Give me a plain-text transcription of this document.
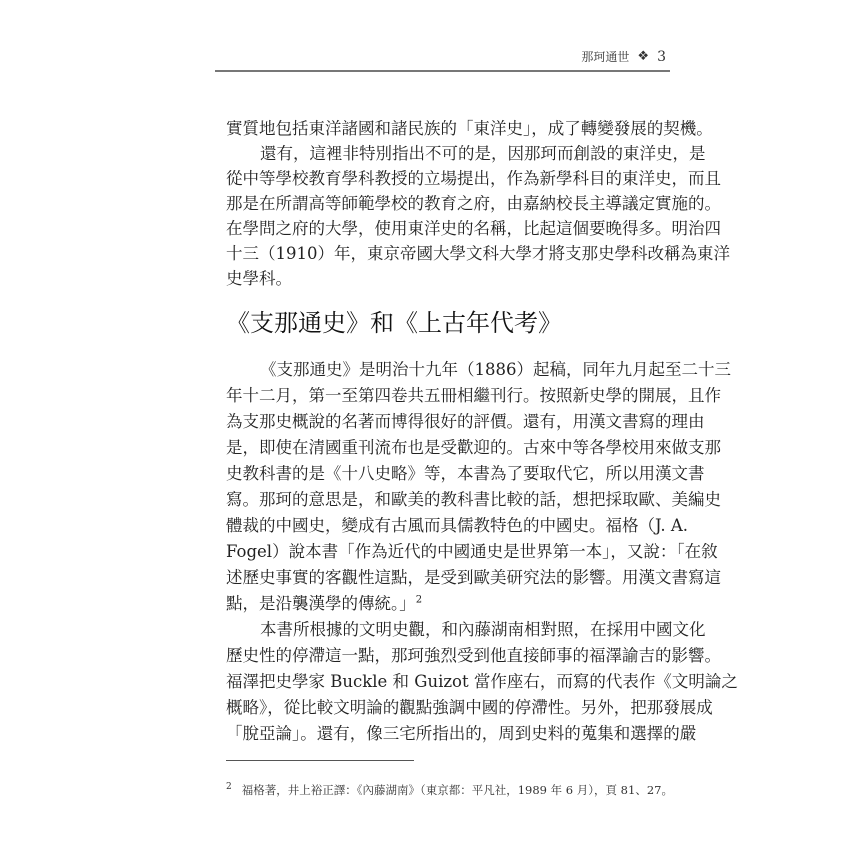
那珂通世 ❖ 3
實質地包括東洋諸國和諸民族的「東洋史」，成了轉變發展的契機。
還有，這裡非特別指出不可的是，因那珂而創設的東洋史，是
從中等學校教育學科教授的立場提出，作為新學科目的東洋史，而且
那是在所謂高等師範學校的教育之府，由嘉納校長主導議定實施的。
在學問之府的大學，使用東洋史的名稱，比起這個要晚得多。明治四
十三（1910）年，東京帝國大學文科大學才將支那史學科改稱為東洋
史學科。
《支那通史》和《上古年代考》
《支那通史》是明治十九年（1886）起稿，同年九月起至二十三
年十二月，第一至第四卷共五冊相繼刊行。按照新史學的開展，且作
為支那史概說的名著而博得很好的評價。還有，用漢文書寫的理由
是，即使在清國重刊流布也是受歡迎的。古來中等各學校用來做支那
史教科書的是《十八史略》等，本書為了要取代它，所以用漢文書
寫。那珂的意思是，和歐美的教科書比較的話，想把採取歐、美編史
體裁的中國史，變成有古風而具儒教特色的中國史。福格（J. A.
Fogel）說本書「作為近代的中國通史是世界第一本」，又說：「在敘
述歷史事實的客觀性這點，是受到歐美研究法的影響。用漢文書寫這
點，是沿襲漢學的傳統。」$^2$
本書所根據的文明史觀，和內藤湖南相對照，在採用中國文化
歷史性的停滯這一點，那珂強烈受到他直接師事的福澤諭吉的影響。
福澤把史學家 Buckle 和 Guizot 當作座右，而寫的代表作《文明論之
概略》，從比較文明論的觀點強調中國的停滯性。另外，把那發展成
「脫亞論」。還有，像三宅所指出的，周到史料的蒐集和選擇的嚴
$^2$ 福格著，井上裕正譯：《內藤湖南》（東京都：平凡社，1989 年 6 月），頁 81、27。
